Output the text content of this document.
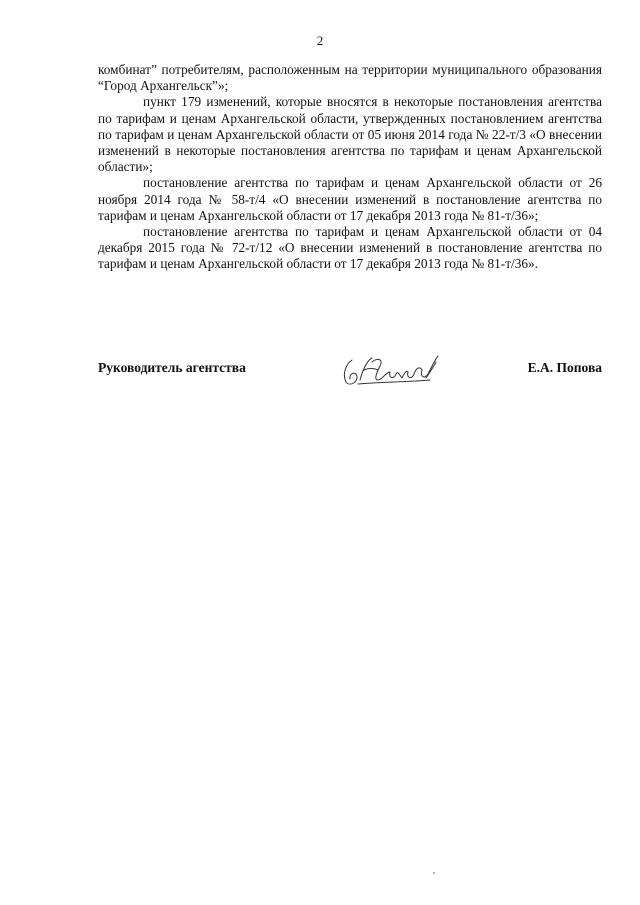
2

комбинат” потребителям, расположенным на территории муниципального образования “Город Архангельск”»;

пункт 179 изменений, которые вносятся в некоторые постановления агентства по тарифам и ценам Архангельской области, утвержденных постановлением агентства по тарифам и ценам Архангельской области от 05 июня 2014 года № 22-т/3 «О внесении изменений в некоторые постановления агентства по тарифам и ценам Архангельской области»;

постановление агентства по тарифам и ценам Архангельской области от 26 ноября 2014 года № 58-т/4 «О внесении изменений в постановление агентства по тарифам и ценам Архангельской области от 17 декабря 2013 года № 81-т/36»;

постановление агентства по тарифам и ценам Архангельской области от 04 декабря 2015 года № 72-т/12 «О внесении изменений в постановление агентства по тарифам и ценам Архангельской области от 17 декабря 2013 года № 81-т/36».

Руководитель агентства	Е.А. Попова
